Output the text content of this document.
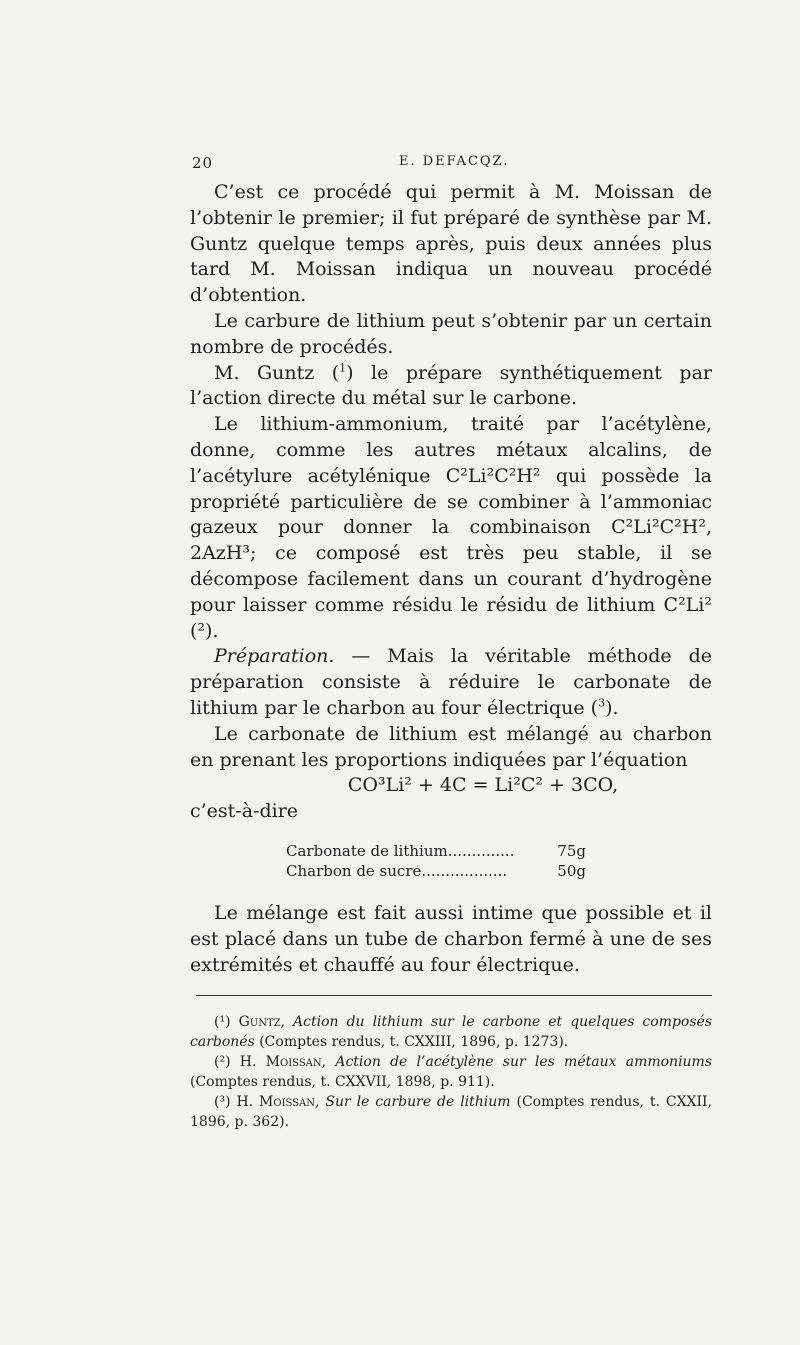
20	E. DEFACQZ.

C’est ce procédé qui permit à M. Moissan de l’obtenir le premier; il fut préparé de synthèse par M. Guntz quelque temps après, puis deux années plus tard M. Moissan indiqua un nouveau procédé d’obtention.

Le carbure de lithium peut s’obtenir par un certain nombre de procédés.

M. Guntz ($^1$) le prépare synthétiquement par l’action directe du métal sur le carbone.

Le lithium-ammonium, traité par l’acétylène, donne, comme les autres métaux alcalins, de l’acétylure acétylénique C²Li²C²H² qui possède la propriété particulière de se combiner à l’ammoniac gazeux pour donner la combinaison C²Li²C²H², 2AzH³; ce composé est très peu stable, il se décompose facilement dans un courant d’hydrogène pour laisser comme résidu le résidu de lithium C²Li² (²).

Préparation. — Mais la véritable méthode de préparation consiste à réduire le carbonate de lithium par le charbon au four électrique ($^3$).

Le carbonate de lithium est mélangé au charbon en prenant les proportions indiquées par l’équation

CO³Li² + 4C = Li²C² + 3CO,

c’est-à-dire

Carbonate de lithium..............	75g
Charbon de sucre..................	50g

Le mélange est fait aussi intime que possible et il est placé dans un tube de charbon fermé à une de ses extrémités et chauffé au four électrique.

(¹) Guntz, Action du lithium sur le carbone et quelques composés carbonés (Comptes rendus, t. CXXIII, 1896, p. 1273).

(²) H. Moissan, Action de l’acétylène sur les métaux ammoniums (Comptes rendus, t. CXXVII, 1898, p. 911).

(³) H. Moissan, Sur le carbure de lithium (Comptes rendus, t. CXXII, 1896, p. 362).
